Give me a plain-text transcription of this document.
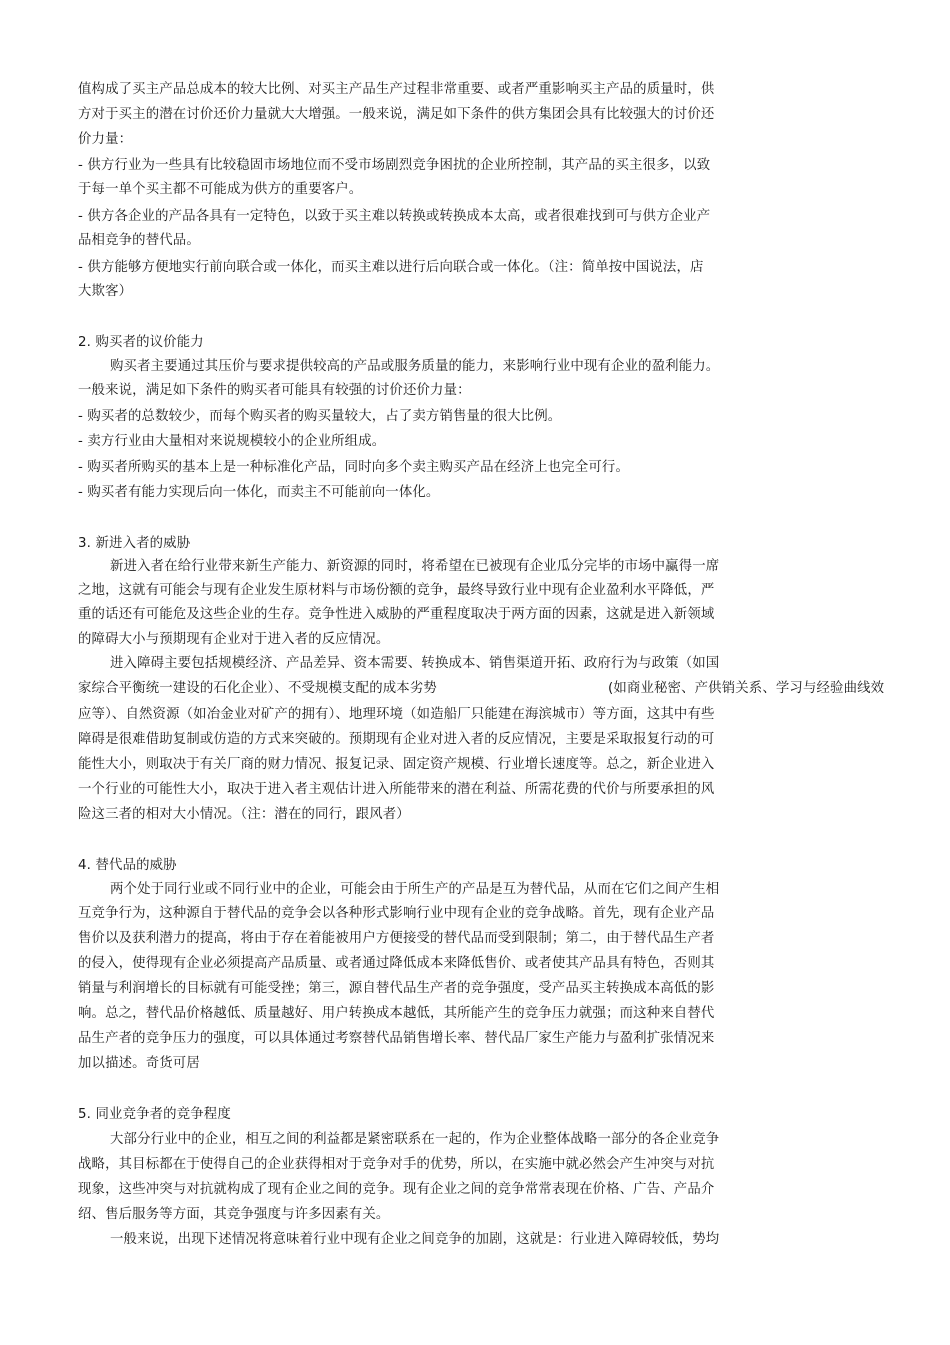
值构成了买主产品总成本的较大比例、对买主产品生产过程非常重要、或者严重影响买主产品的质量时，供
方对于买主的潜在讨价还价力量就大大增强。一般来说，满足如下条件的供方集团会具有比较强大的讨价还
价力量：
- 供方行业为一些具有比较稳固市场地位而不受市场剧烈竞争困扰的企业所控制，其产品的买主很多，以致
于每一单个买主都不可能成为供方的重要客户。
- 供方各企业的产品各具有一定特色，以致于买主难以转换或转换成本太高，或者很难找到可与供方企业产
品相竞争的替代品。
- 供方能够方便地实行前向联合或一体化，而买主难以进行后向联合或一体化。（注：简单按中国说法，店
大欺客）
2. 购买者的议价能力
购买者主要通过其压价与要求提供较高的产品或服务质量的能力，来影响行业中现有企业的盈利能力。
一般来说，满足如下条件的购买者可能具有较强的讨价还价力量：
- 购买者的总数较少，而每个购买者的购买量较大，占了卖方销售量的很大比例。
- 卖方行业由大量相对来说规模较小的企业所组成。
- 购买者所购买的基本上是一种标准化产品，同时向多个卖主购买产品在经济上也完全可行。
- 购买者有能力实现后向一体化，而卖主不可能前向一体化。
3. 新进入者的威胁
新进入者在给行业带来新生产能力、新资源的同时，将希望在已被现有企业瓜分完毕的市场中赢得一席
之地，这就有可能会与现有企业发生原材料与市场份额的竞争，最终导致行业中现有企业盈利水平降低，严
重的话还有可能危及这些企业的生存。竞争性进入威胁的严重程度取决于两方面的因素，这就是进入新领域
的障碍大小与预期现有企业对于进入者的反应情况。
进入障碍主要包括规模经济、产品差异、资本需要、转换成本、销售渠道开拓、政府行为与政策（如国
家综合平衡统一建设的石化企业）、不受规模支配的成本劣势	(如商业秘密、产供销关系、学习与经验曲线效
应等）、自然资源（如冶金业对矿产的拥有）、地理环境（如造船厂只能建在海滨城市）等方面，这其中有些
障碍是很难借助复制或仿造的方式来突破的。预期现有企业对进入者的反应情况，主要是采取报复行动的可
能性大小，则取决于有关厂商的财力情况、报复记录、固定资产规模、行业增长速度等。总之，新企业进入
一个行业的可能性大小，取决于进入者主观估计进入所能带来的潜在利益、所需花费的代价与所要承担的风
险这三者的相对大小情况。（注：潜在的同行，跟风者）
4. 替代品的威胁
两个处于同行业或不同行业中的企业，可能会由于所生产的产品是互为替代品，从而在它们之间产生相
互竞争行为，这种源自于替代品的竞争会以各种形式影响行业中现有企业的竞争战略。首先，现有企业产品
售价以及获利潜力的提高，将由于存在着能被用户方便接受的替代品而受到限制；第二，由于替代品生产者
的侵入，使得现有企业必须提高产品质量、或者通过降低成本来降低售价、或者使其产品具有特色，否则其
销量与利润增长的目标就有可能受挫；第三，源自替代品生产者的竞争强度，受产品买主转换成本高低的影
响。总之，替代品价格越低、质量越好、用户转换成本越低，其所能产生的竞争压力就强；而这种来自替代
品生产者的竞争压力的强度，可以具体通过考察替代品销售增长率、替代品厂家生产能力与盈利扩张情况来
加以描述。奇货可居
5. 同业竞争者的竞争程度
大部分行业中的企业，相互之间的利益都是紧密联系在一起的，作为企业整体战略一部分的各企业竞争
战略，其目标都在于使得自己的企业获得相对于竞争对手的优势，所以，在实施中就必然会产生冲突与对抗
现象，这些冲突与对抗就构成了现有企业之间的竞争。现有企业之间的竞争常常表现在价格、广告、产品介
绍、售后服务等方面，其竞争强度与许多因素有关。
一般来说，出现下述情况将意味着行业中现有企业之间竞争的加剧，这就是：行业进入障碍较低，势均
